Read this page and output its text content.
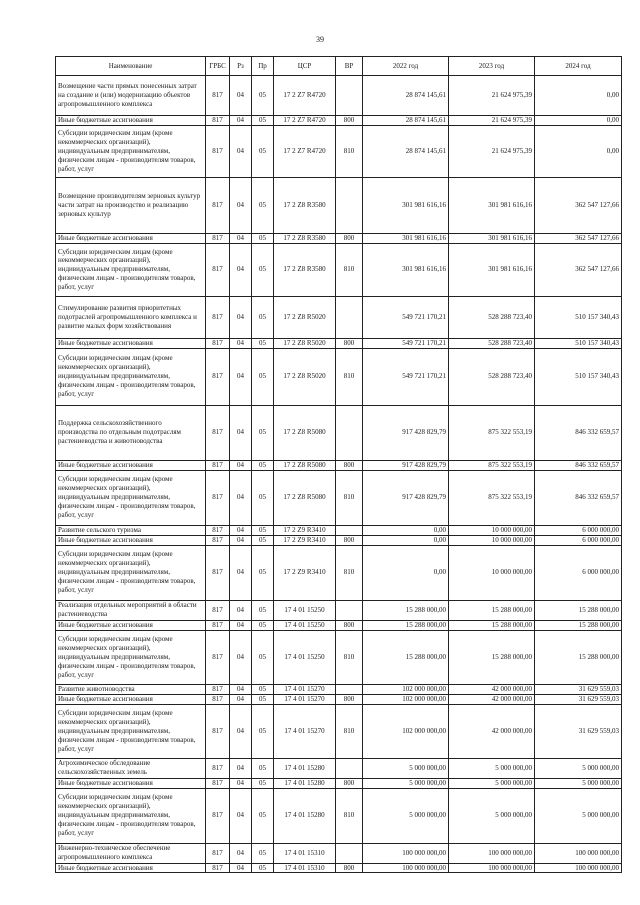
39
Наименование	ГРБС	Рз	Пр	ЦСР	ВР	2022 год	2023 год	2024 год
Возмещение части прямых понесенных затрат на создание и (или) модернизацию объектов агропромышленного комплекса	817	04	05	17 2 Z7 R4720		28 874 145,61	21 624 975,39	0,00
Иные бюджетные ассигнования	817	04	05	17 2 Z7 R4720	800	28 874 145,61	21 624 975,39	0,00
Субсидии юридическим лицам (кроме некоммерческих организаций), индивидуальным предпринимателям, физическим лицам - производителям товаров, работ, услуг	817	04	05	17 2 Z7 R4720	810	28 874 145,61	21 624 975,39	0,00
Возмещение производителям зерновых культур части затрат на производство и реализацию зерновых культур	817	04	05	17 2 Z8 R3580		301 981 616,16	301 981 616,16	362 547 127,66
Иные бюджетные ассигнования	817	04	05	17 2 Z8 R3580	800	301 981 616,16	301 981 616,16	362 547 127,66
Субсидии юридическим лицам (кроме некоммерческих организаций), индивидуальным предпринимателям, физическим лицам - производителям товаров, работ, услуг	817	04	05	17 2 Z8 R3580	810	301 981 616,16	301 981 616,16	362 547 127,66
Стимулирование развития приоритетных подотраслей агропромышленного комплекса и развитие малых форм хозяйствования	817	04	05	17 2 Z8 R5020		549 721 170,21	528 288 723,40	510 157 340,43
Иные бюджетные ассигнования	817	04	05	17 2 Z8 R5020	800	549 721 170,21	528 288 723,40	510 157 340,43
Субсидии юридическим лицам (кроме некоммерческих организаций), индивидуальным предпринимателям, физическим лицам - производителям товаров, работ, услуг	817	04	05	17 2 Z8 R5020	810	549 721 170,21	528 288 723,40	510 157 340,43
Поддержка сельскохозяйственного производства по отдельным подотраслям растениеводства и животноводства	817	04	05	17 2 Z8 R5080		917 428 829,79	875 322 553,19	846 332 659,57
Иные бюджетные ассигнования	817	04	05	17 2 Z8 R5080	800	917 428 829,79	875 322 553,19	846 332 659,57
Субсидии юридическим лицам (кроме некоммерческих организаций), индивидуальным предпринимателям, физическим лицам - производителям товаров, работ, услуг	817	04	05	17 2 Z8 R5080	810	917 428 829,79	875 322 553,19	846 332 659,57
Развитие сельского туризма	817	04	05	17 2 Z9 R3410		0,00	10 000 000,00	6 000 000,00
Иные бюджетные ассигнования	817	04	05	17 2 Z9 R3410	800	0,00	10 000 000,00	6 000 000,00
Субсидии юридическим лицам (кроме некоммерческих организаций), индивидуальным предпринимателям, физическим лицам - производителям товаров, работ, услуг	817	04	05	17 2 Z9 R3410	810	0,00	10 000 000,00	6 000 000,00
Реализация отдельных мероприятий в области растениеводства	817	04	05	17 4 01 15250		15 288 000,00	15 288 000,00	15 288 000,00
Иные бюджетные ассигнования	817	04	05	17 4 01 15250	800	15 288 000,00	15 288 000,00	15 288 000,00
Субсидии юридическим лицам (кроме некоммерческих организаций), индивидуальным предпринимателям, физическим лицам - производителям товаров, работ, услуг	817	04	05	17 4 01 15250	810	15 288 000,00	15 288 000,00	15 288 000,00
Развитие животноводства	817	04	05	17 4 01 15270		102 000 000,00	42 000 000,00	31 629 559,03
Иные бюджетные ассигнования	817	04	05	17 4 01 15270	800	102 000 000,00	42 000 000,00	31 629 559,03
Субсидии юридическим лицам (кроме некоммерческих организаций), индивидуальным предпринимателям, физическим лицам - производителям товаров, работ, услуг	817	04	05	17 4 01 15270	810	102 000 000,00	42 000 000,00	31 629 559,03
Агрохимическое обследование сельскохозяйственных земель	817	04	05	17 4 01 15280		5 000 000,00	5 000 000,00	5 000 000,00
Иные бюджетные ассигнования	817	04	05	17 4 01 15280	800	5 000 000,00	5 000 000,00	5 000 000,00
Субсидии юридическим лицам (кроме некоммерческих организаций), индивидуальным предпринимателям, физическим лицам - производителям товаров, работ, услуг	817	04	05	17 4 01 15280	810	5 000 000,00	5 000 000,00	5 000 000,00
Инженерно-техническое обеспечение агропромышленного комплекса	817	04	05	17 4 01 15310		100 000 000,00	100 000 000,00	100 000 000,00
Иные бюджетные ассигнования	817	04	05	17 4 01 15310	800	100 000 000,00	100 000 000,00	100 000 000,00
